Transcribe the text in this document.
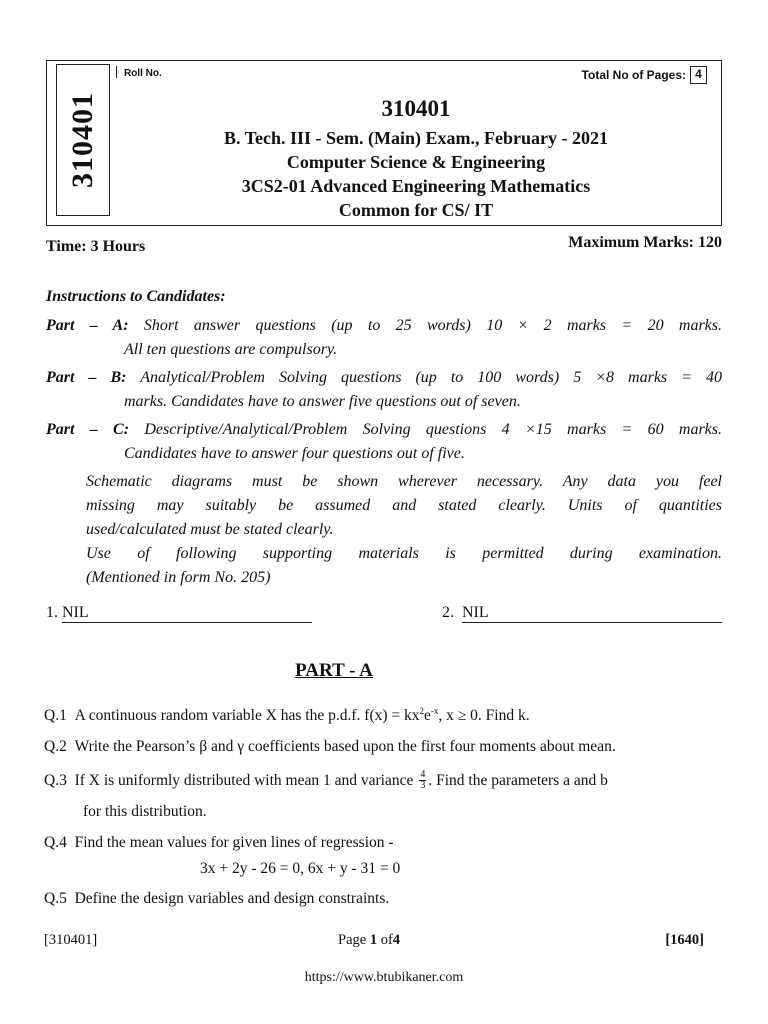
310401
Roll No.	Total No of Pages: 4
310401
B. Tech. III - Sem. (Main) Exam., February - 2021
Computer Science & Engineering
3CS2-01 Advanced Engineering Mathematics
Common for CS/ IT
Time: 3 Hours	Maximum Marks: 120
Instructions to Candidates:
Part – A: Short answer questions (up to 25 words) 10 × 2 marks = 20 marks.
All ten questions are compulsory.
Part – B: Analytical/Problem Solving questions (up to 100 words) 5 ×8 marks = 40
marks. Candidates have to answer five questions out of seven.
Part – C: Descriptive/Analytical/Problem Solving questions 4 ×15 marks = 60 marks.
Candidates have to answer four questions out of five.
Schematic diagrams must be shown wherever necessary. Any data you feel
missing may suitably be assumed and stated clearly. Units of quantities
used/calculated must be stated clearly.
Use of following supporting materials is permitted during examination.
(Mentioned in form No. 205)
1. NIL	2. NIL
PART - A
Q.1 A continuous random variable X has the p.d.f. $f(x) = kx^2e^{-x}$, x ≥ 0. Find k.
Q.2 Write the Pearson’s β and γ coefficients based upon the first four moments about mean.
Q.3
If X is uniformly distributed with mean 1 and variance 4
3 . Find the parameters a and b
for this distribution.
Q.4 Find the mean values for given lines of regression -
3x + 2y - 26 = 0, 6x + y - 31 = 0
Q.5 Define the design variables and design constraints.
[310401]	Page 1 of4	[1640]
https://www.btubikaner.com
